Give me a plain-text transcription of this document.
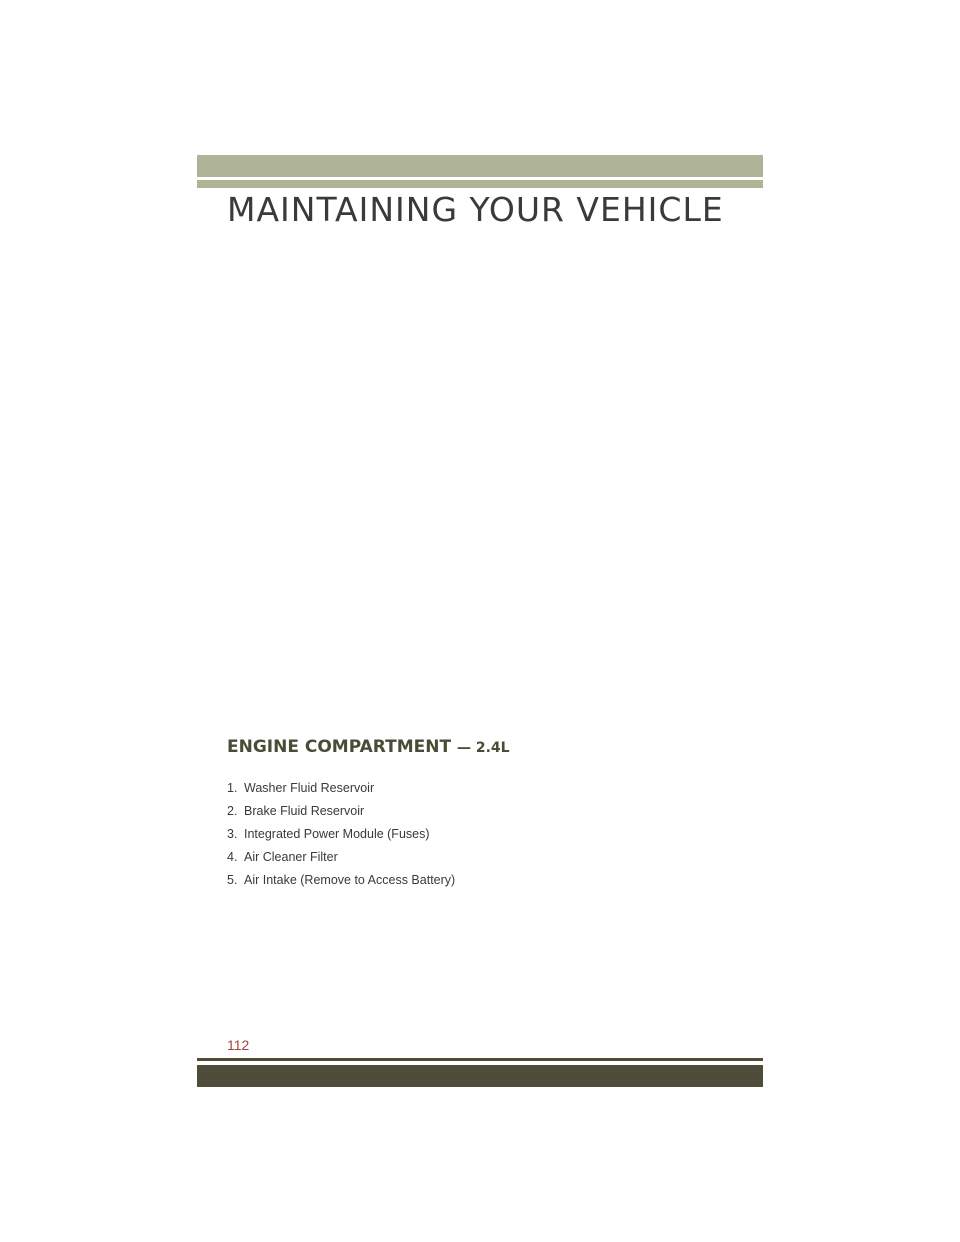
MAINTAINING YOUR VEHICLE
ENGINE COMPARTMENT — 2.4L
1. Washer Fluid Reservoir
2. Brake Fluid Reservoir
3. Integrated Power Module (Fuses)
4. Air Cleaner Filter
5. Air Intake (Remove to Access Battery)
112
